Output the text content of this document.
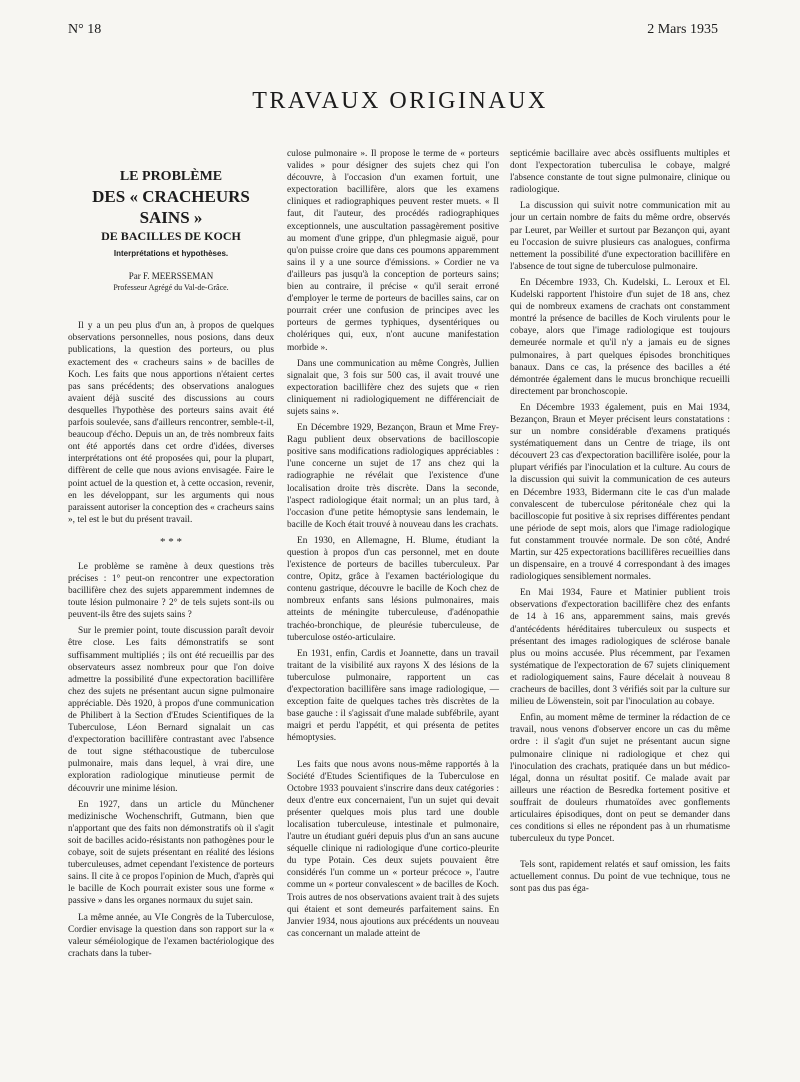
N° 18	2 Mars 1935
TRAVAUX ORIGINAUX
LE PROBLÈME
DES « CRACHEURS SAINS »
DE BACILLES DE KOCH
Interprétations et hypothèses.
Par F. MEERSSEMAN
Professeur Agrégé du Val-de-Grâce.

Il y a un peu plus d'un an, à propos de quelques observations personnelles, nous posions, dans deux publications, la question des porteurs, ou plus exactement des « cracheurs sains » de bacilles de Koch. Les faits que nous apportions n'étaient certes pas sans précédents; des observations analogues avaient déjà suscité des discussions au cours desquelles l'hypothèse des porteurs sains avait été parfois soulevée, sans d'ailleurs rencontrer, semble-t-il, beaucoup d'écho. Depuis un an, de très nombreux faits ont été apportés dans cet ordre d'idées, diverses interprétations ont été proposées qui, pour la plupart, diffèrent de celle que nous avions envisagée. Faire le point actuel de la question et, à cette occasion, revenir, en les développant, sur les arguments qui nous paraissent autoriser la conception des « cracheurs sains », tel est le but du présent travail.

* * *

Le problème se ramène à deux questions très précises : 1° peut-on rencontrer une expectoration bacillifère chez des sujets apparemment indemnes de toute lésion pulmonaire ? 2° de tels sujets sont-ils ou peuvent-ils être des sujets sains ?

Sur le premier point, toute discussion paraît devoir être close. Les faits démonstratifs se sont suffisamment multipliés ; ils ont été recueillis par des observateurs assez nombreux pour que l'on doive admettre la possibilité d'une expectoration bacillifère chez des sujets ne présentant aucun signe pulmonaire appréciable. Dès 1920, à propos d'une communication de Philibert à la Section d'Etudes Scientifiques de la Tuberculose, Léon Bernard signalait un cas d'expectoration bacillifère contrastant avec l'absence de tout signe stéthacoustique de tuberculose pulmonaire, mais dans lequel, à vrai dire, une exploration radiologique minutieuse permit de découvrir une minime lésion.

En 1927, dans un article du Münchener medizinische Wochenschrift, Gutmann, bien que n'apportant que des faits non démonstratifs où il s'agit soit de bacilles acido-résistants non pathogènes pour le cobaye, soit de sujets présentant en réalité des lésions tuberculeuses, admet cependant l'existence de porteurs sains. Il cite à ce propos l'opinion de Much, d'après qui le bacille de Koch pourrait exister sous une forme « passive » dans les organes normaux du sujet sain.

La même année, au VIe Congrès de la Tuberculose, Cordier envisage la question dans son rapport sur la « valeur séméiologique de l'examen bactériologique des crachats dans la tuber-

culose pulmonaire ». Il propose le terme de « porteurs valides » pour désigner des sujets chez qui l'on découvre, à l'occasion d'un examen fortuit, une expectoration bacillifère, alors que les examens cliniques et radiographiques peuvent rester muets. « Il faut, dit l'auteur, des procédés radiographiques exceptionnels, une auscultation passagèrement positive au moment d'une grippe, d'un phlegmasie aiguë, pour qu'on puisse croire que dans ces poumons apparemment sains il y a une source d'émissions. » Cordier ne va d'ailleurs pas jusqu'à la conception de porteurs sains; bien au contraire, il précise « qu'il serait erroné d'employer le terme de porteurs de bacilles sains, car on pourrait créer une confusion de principes avec les porteurs de germes typhiques, dysentériques ou cholériques qui, eux, n'ont aucune manifestation morbide ».

Dans une communication au même Congrès, Jullien signalait que, 3 fois sur 500 cas, il avait trouvé une expectoration bacillifère chez des sujets que « rien cliniquement ni radiologiquement ne différenciait de sujets sains ».

En Décembre 1929, Bezançon, Braun et Mme Frey-Ragu publient deux observations de bacilloscopie positive sans modifications radiologiques appréciables : l'une concerne un sujet de 17 ans chez qui la radiographie ne révélait que l'existence d'une localisation droite très discrète. Dans la seconde, l'aspect radiologique était normal; un an plus tard, à l'occasion d'une petite hémoptysie sans lendemain, le bacille de Koch était trouvé à nouveau dans les crachats.

En 1930, en Allemagne, H. Blume, étudiant la question à propos d'un cas personnel, met en doute l'existence de porteurs de bacilles tuberculeux. Par contre, Opitz, grâce à l'examen bactériologique du contenu gastrique, découvre le bacille de Koch chez de nombreux enfants sans lésions pulmonaires, mais atteints de méningite tuberculeuse, d'adénopathie trachéo-bronchique, de pleurésie tuberculeuse, de tuberculose ostéo-articulaire.

En 1931, enfin, Cardis et Joannette, dans un travail traitant de la visibilité aux rayons X des lésions de la tuberculose pulmonaire, rapportent un cas d'expectoration bacillifère sans image radiologique, — exception faite de quelques taches très discrètes de la base gauche : il s'agissait d'une malade subfébrile, ayant maigri et perdu l'appétit, et qui présenta de petites hémoptysies.

Les faits que nous avons nous-même rapportés à la Société d'Etudes Scientifiques de la Tuberculose en Octobre 1933 pouvaient s'inscrire dans deux catégories : deux d'entre eux concernaient, l'un un sujet qui devait présenter quelques mois plus tard une double localisation tuberculeuse, intestinale et pulmonaire, l'autre un étudiant guéri depuis plus d'un an sans aucune séquelle clinique ni radiologique d'une cortico-pleurite du type Potain. Ces deux sujets pouvaient être considérés l'un comme un « porteur précoce », l'autre comme un « porteur convalescent » de bacilles de Koch. Trois autres de nos observations avaient trait à des sujets qui étaient et sont demeurés parfaitement sains. En Janvier 1934, nous ajoutions aux précédents un nouveau cas concernant un malade atteint de

septicémie bacillaire avec abcès ossifluents multiples et dont l'expectoration tuberculisa le cobaye, malgré l'absence constante de tout signe pulmonaire, clinique ou radiologique.

La discussion qui suivit notre communication mit au jour un certain nombre de faits du même ordre, observés par Leuret, par Weiller et surtout par Bezançon qui, ayant eu l'occasion de suivre plusieurs cas analogues, confirma nettement la possibilité d'une expectoration bacillifère en l'absence de tout signe de tuberculose pulmonaire.

En Décembre 1933, Ch. Kudelski, L. Leroux et El. Kudelski rapportent l'histoire d'un sujet de 18 ans, chez qui de nombreux examens de crachats ont constamment montré la présence de bacilles de Koch virulents pour le cobaye, alors que l'image radiologique est toujours demeurée normale et qu'il n'y a jamais eu de signes pulmonaires, à part quelques épisodes bronchitiques banaux. Dans ce cas, la présence des bacilles a été démontrée également dans le mucus bronchique recueilli directement par bronchoscopie.

En Décembre 1933 également, puis en Mai 1934, Bezançon, Braun et Meyer précisent leurs constatations : sur un nombre considérable d'examens pratiqués systématiquement dans un Centre de triage, ils ont découvert 23 cas d'expectoration bacillifère isolée, pour la plupart vérifiés par l'inoculation et la culture. Au cours de la discussion qui suivit la communication de ces auteurs en Décembre 1933, Bidermann cite le cas d'un malade convalescent de tuberculose péritonéale chez qui la bacilloscopie fut positive à six reprises différentes pendant une période de sept mois, alors que l'image radiologique fut constamment trouvée normale. De son côté, André Martin, sur 425 expectorations bacillifères recueillies dans un dispensaire, en a trouvé 4 correspondant à des images radiologiques sensiblement normales.

En Mai 1934, Faure et Matinier publient trois observations d'expectoration bacillifère chez des enfants de 14 à 16 ans, apparemment sains, mais grevés d'antécédents héréditaires tuberculeux ou suspects et présentant des images radiologiques de sclérose banale plus ou moins accusée. Plus récemment, par l'examen systématique de l'expectoration de 67 sujets cliniquement et radiologiquement sains, Faure décelait à nouveau 8 cracheurs de bacilles, dont 3 vérifiés soit par la culture sur milieu de Löwenstein, soit par l'inoculation au cobaye.

Enfin, au moment même de terminer la rédaction de ce travail, nous venons d'observer encore un cas du même ordre : il s'agit d'un sujet ne présentant aucun signe pulmonaire clinique ni radiologique et chez qui l'inoculation des crachats, pratiquée dans un but médico-légal, donna un résultat positif. Ce malade avait par ailleurs une réaction de Besredka fortement positive et souffrait de douleurs rhumatoïdes avec gonflements articulaires épisodiques, dont on peut se demander dans ces conditions si elles ne répondent pas à un rhumatisme tuberculeux du type Poncet.

Tels sont, rapidement relatés et sauf omission, les faits actuellement connus. Du point de vue technique, tous ne sont pas dus pas éga-
